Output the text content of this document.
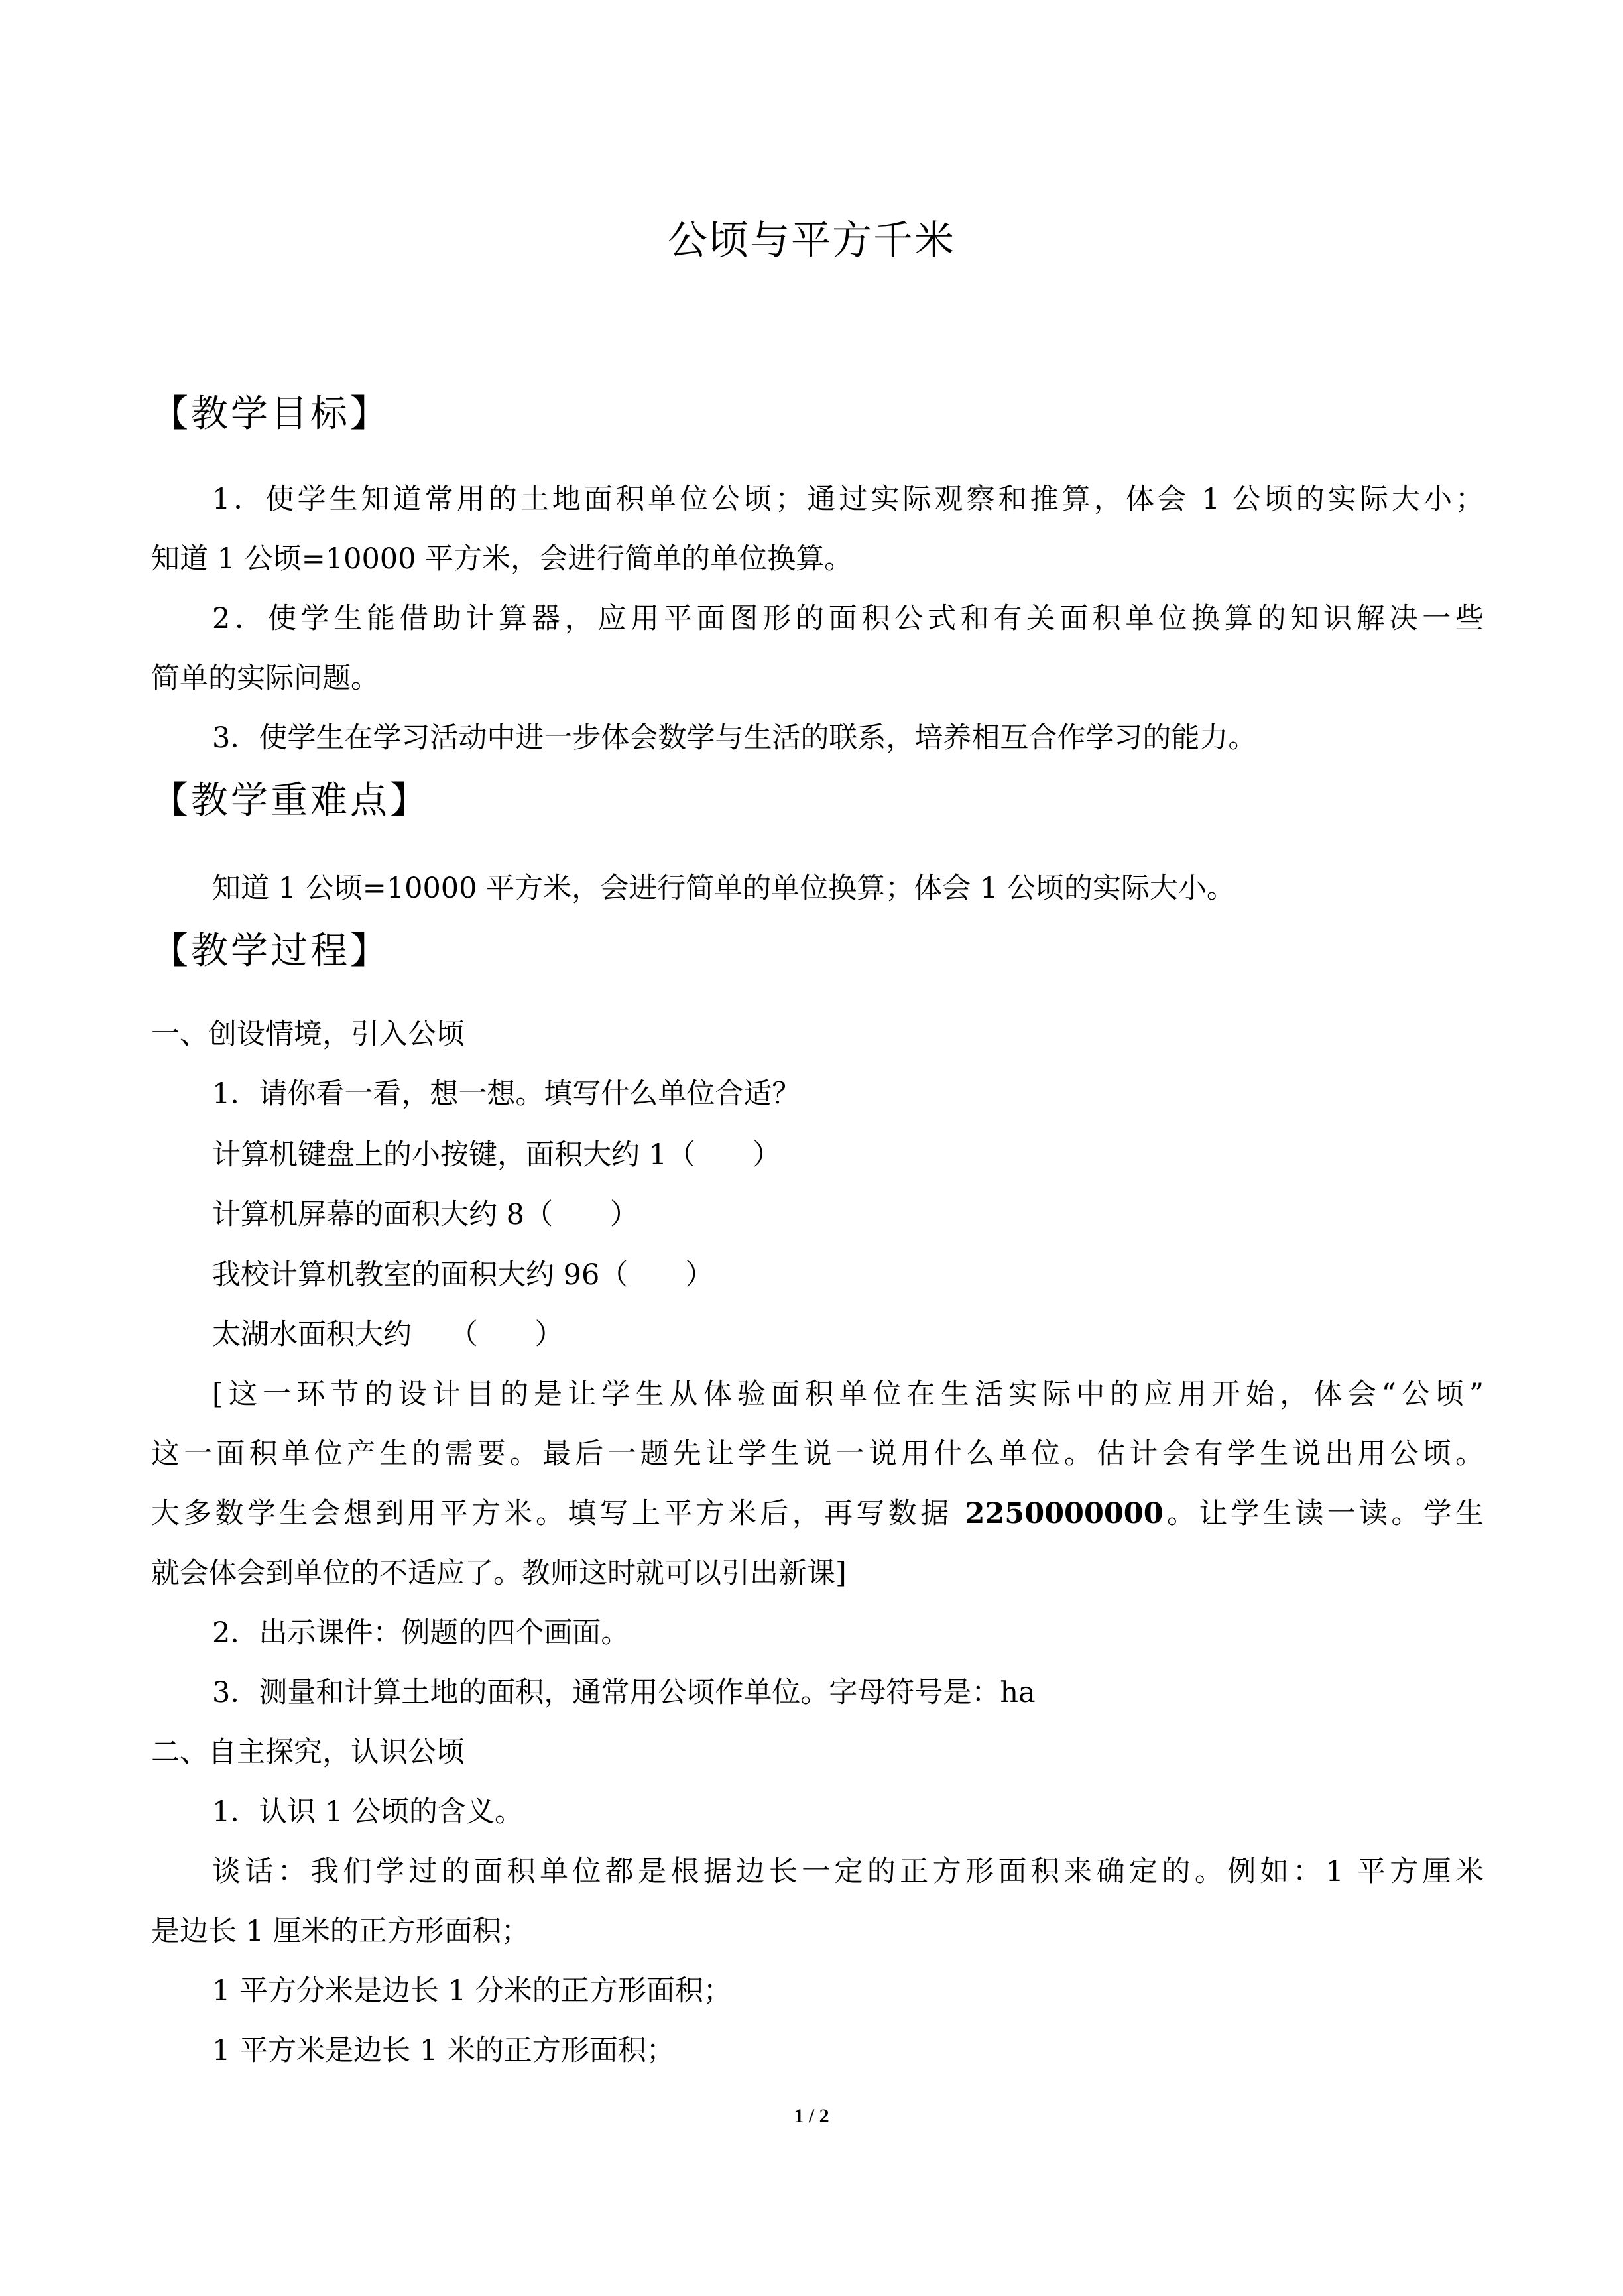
公顷与平方千米
【教学目标】
1．使学生知道常用的土地面积单位公顷；通过实际观察和推算，体会 1 公顷的实际大小；
知道 1 公顷=10000 平方米，会进行简单的单位换算。
2．使学生能借助计算器，应用平面图形的面积公式和有关面积单位换算的知识解决一些
简单的实际问题。
3．使学生在学习活动中进一步体会数学与生活的联系，培养相互合作学习的能力。
【教学重难点】
知道 1 公顷=10000 平方米，会进行简单的单位换算；体会 1 公顷的实际大小。
【教学过程】
一、创设情境，引入公顷
1．请你看一看，想一想。填写什么单位合适？
计算机键盘上的小按键，面积大约 1（　　）
计算机屏幕的面积大约 8（　　）
我校计算机教室的面积大约 96（　　）
太湖水面积大约　 （　　）
[这一环节的设计目的是让学生从体验面积单位在生活实际中的应用开始，体会“公顷”
这一面积单位产生的需要。最后一题先让学生说一说用什么单位。估计会有学生说出用公顷。
大多数学生会想到用平方米。填写上平方米后，再写数据 2250000000。让学生读一读。学生
就会体会到单位的不适应了。教师这时就可以引出新课]
2．出示课件：例题的四个画面。
3．测量和计算土地的面积，通常用公顷作单位。字母符号是：ha
二、自主探究，认识公顷
1．认识 1 公顷的含义。
谈话：我们学过的面积单位都是根据边长一定的正方形面积来确定的。例如：1 平方厘米
是边长 1 厘米的正方形面积；
1 平方分米是边长 1 分米的正方形面积；
1 平方米是边长 1 米的正方形面积；
1 / 2
